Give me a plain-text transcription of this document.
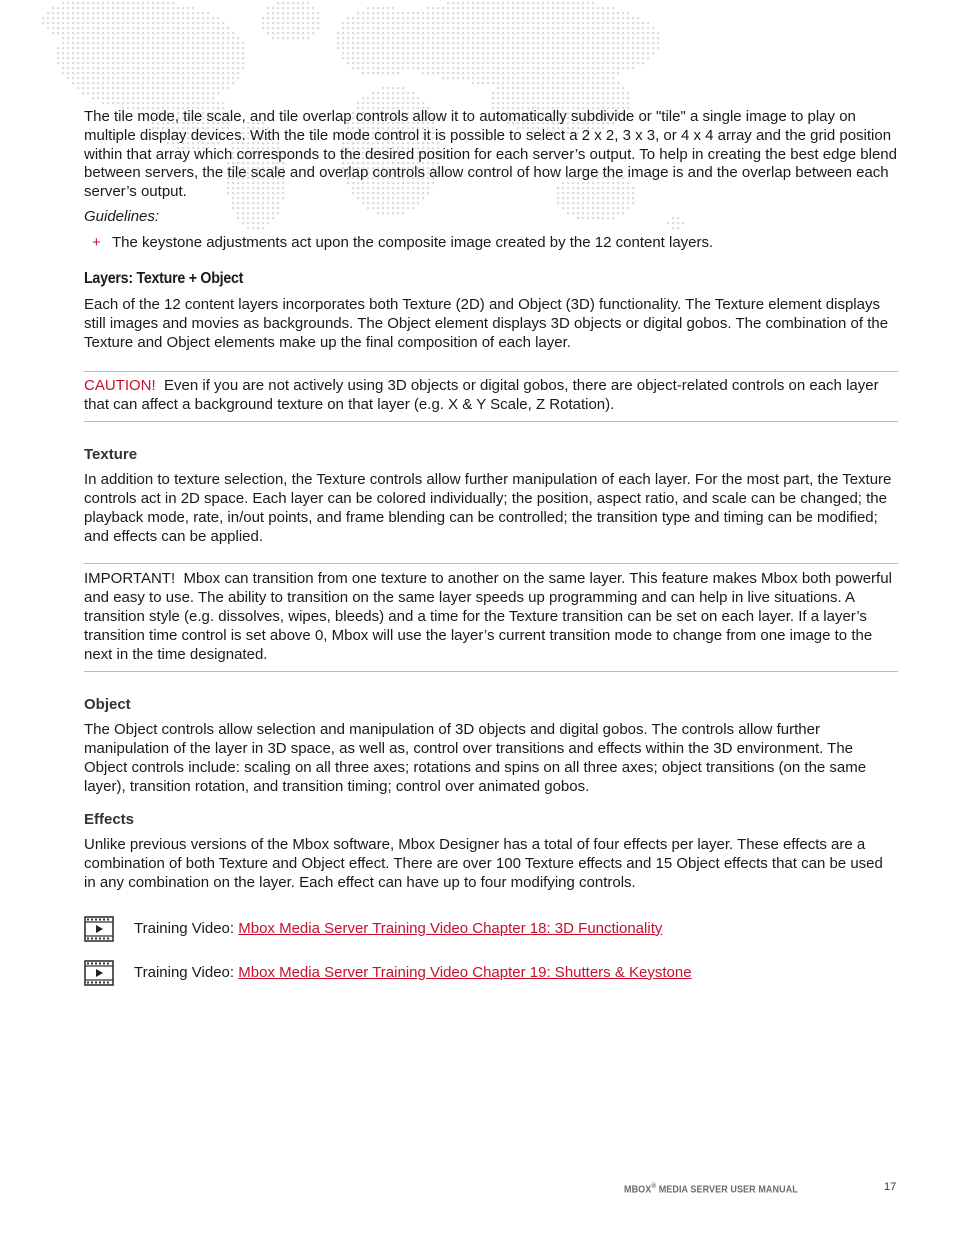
The tile mode, tile scale, and tile overlap controls allow it to automatically subdivide or "tile" a single image to play on multiple display devices. With the tile mode control it is possible to select a 2 x 2, 3 x 3, or 4 x 4 array and the grid position within that array which corresponds to the desired position for each server’s output. To help in creating the best edge blend between servers, the tile scale and overlap controls allow control of how large the image is and the overlap between each server’s output.

Guidelines:

+ The keystone adjustments act upon the composite image created by the 12 content layers.
Layers: Texture + Object

Each of the 12 content layers incorporates both Texture (2D) and Object (3D) functionality. The Texture element displays still images and movies as backgrounds. The Object element displays 3D objects or digital gobos. The combination of the Texture and Object elements make up the final composition of each layer.

CAUTION! Even if you are not actively using 3D objects or digital gobos, there are object-related controls on each layer that can affect a background texture on that layer (e.g. X & Y Scale, Z Rotation).
Texture

In addition to texture selection, the Texture controls allow further manipulation of each layer. For the most part, the Texture controls act in 2D space. Each layer can be colored individually; the position, aspect ratio, and scale can be changed; the playback mode, rate, in/out points, and frame blending can be controlled; the transition type and timing can be modified; and effects can be applied.

IMPORTANT! Mbox can transition from one texture to another on the same layer. This feature makes Mbox both powerful and easy to use. The ability to transition on the same layer speeds up programming and can help in live situations. A transition style (e.g. dissolves, wipes, bleeds) and a time for the Texture transition can be set on each layer. If a layer’s transition time control is set above 0, Mbox will use the layer’s current transition mode to change from one image to the next in the time designated.
Object

The Object controls allow selection and manipulation of 3D objects and digital gobos. The controls allow further manipulation of the layer in 3D space, as well as, control over transitions and effects within the 3D environment. The Object controls include: scaling on all three axes; rotations and spins on all three axes; object transitions (on the same layer), transition rotation, and transition timing; control over animated gobos.

Effects

Unlike previous versions of the Mbox software, Mbox Designer has a total of four effects per layer. These effects are a combination of both Texture and Object effect. There are over 100 Texture effects and 15 Object effects that can be used in any combination on the layer. Each effect can have up to four modifying controls.

Training Video: Mbox Media Server Training Video Chapter 18: 3D Functionality
Training Video: Mbox Media Server Training Video Chapter 19: Shutters & Keystone
MBOX® MEDIA SERVER USER MANUAL	17
